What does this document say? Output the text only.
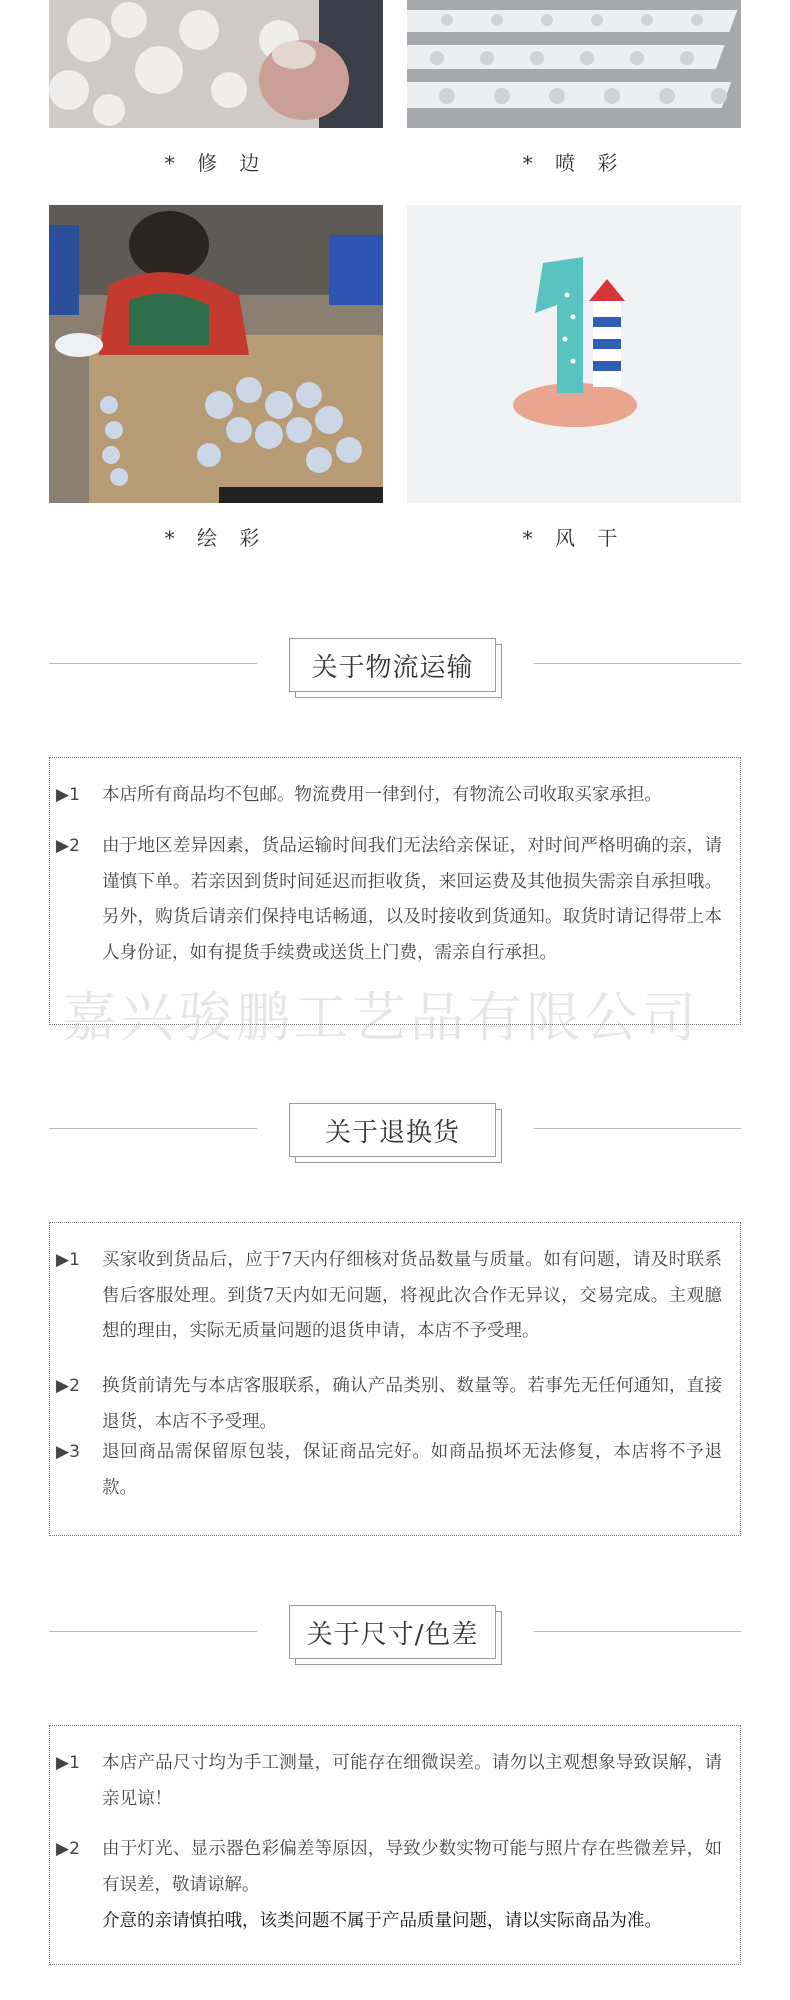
* 修 边	* 喷 彩
* 绘 彩	* 风 干
关于物流运输
▶1 本店所有商品均不包邮。物流费用一律到付，有物流公司收取买家承担。
▶2 由于地区差异因素，货品运输时间我们无法给亲保证，对时间严格明确的亲，请谨慎下单。若亲因到货时间延迟而拒收货，来回运费及其他损失需亲自承担哦。另外，购货后请亲们保持电话畅通，以及时接收到货通知。取货时请记得带上本人身份证，如有提货手续费或送货上门费，需亲自行承担。
嘉兴骏鹏工艺品有限公司
关于退换货
▶1 买家收到货品后，应于7天内仔细核对货品数量与质量。如有问题，请及时联系售后客服处理。到货7天内如无问题，将视此次合作无异议，交易完成。主观臆想的理由，实际无质量问题的退货申请，本店不予受理。
▶2 换货前请先与本店客服联系，确认产品类别、数量等。若事先无任何通知，直接退货，本店不予受理。
▶3 退回商品需保留原包装，保证商品完好。如商品损坏无法修复，本店将不予退款。
关于尺寸/色差
▶1 本店产品尺寸均为手工测量，可能存在细微误差。请勿以主观想象导致误解，请亲见谅！
▶2 由于灯光、显示器色彩偏差等原因，导致少数实物可能与照片存在些微差异，如有误差，敬请谅解。
介意的亲请慎拍哦，该类问题不属于产品质量问题，请以实际商品为准。
